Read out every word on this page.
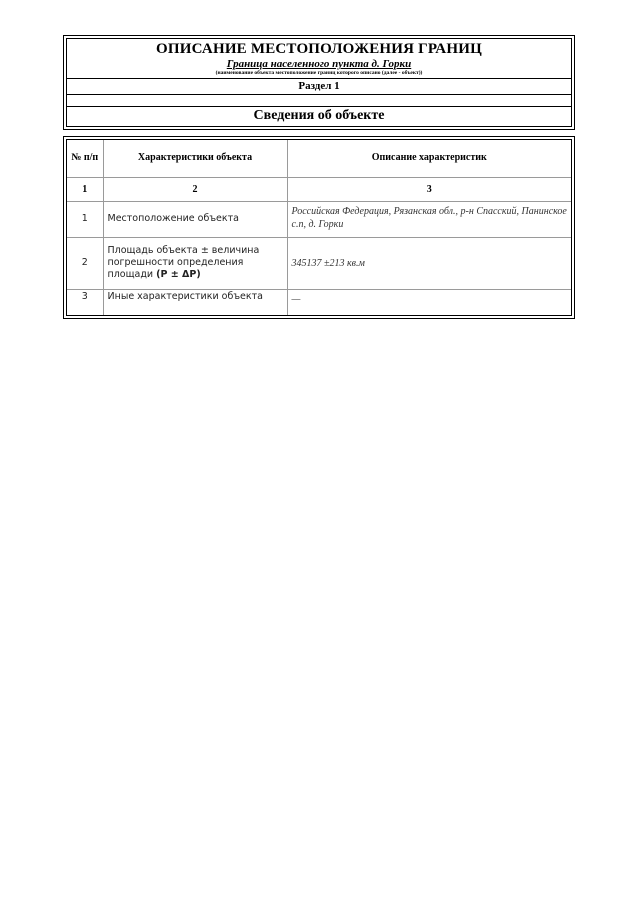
ОПИСАНИЕ МЕСТОПОЛОЖЕНИЯ ГРАНИЦ
Граница населенного пункта д. Горки
(наименование объекта местоположение границ которого описано (далее - объект))
Раздел 1
Сведения об объекте
№ п/п	Характеристики объекта	Описание характеристик
1	2	3
1	Местоположение объекта	Российская Федерация, Рязанская обл., р-н Спасский, Панинское с.п, д. Горки
2	Площадь объекта ± величина погрешности определения площади (Р ± ΔР)	345137 ±213 кв.м
3	Иные характеристики объекта	—
